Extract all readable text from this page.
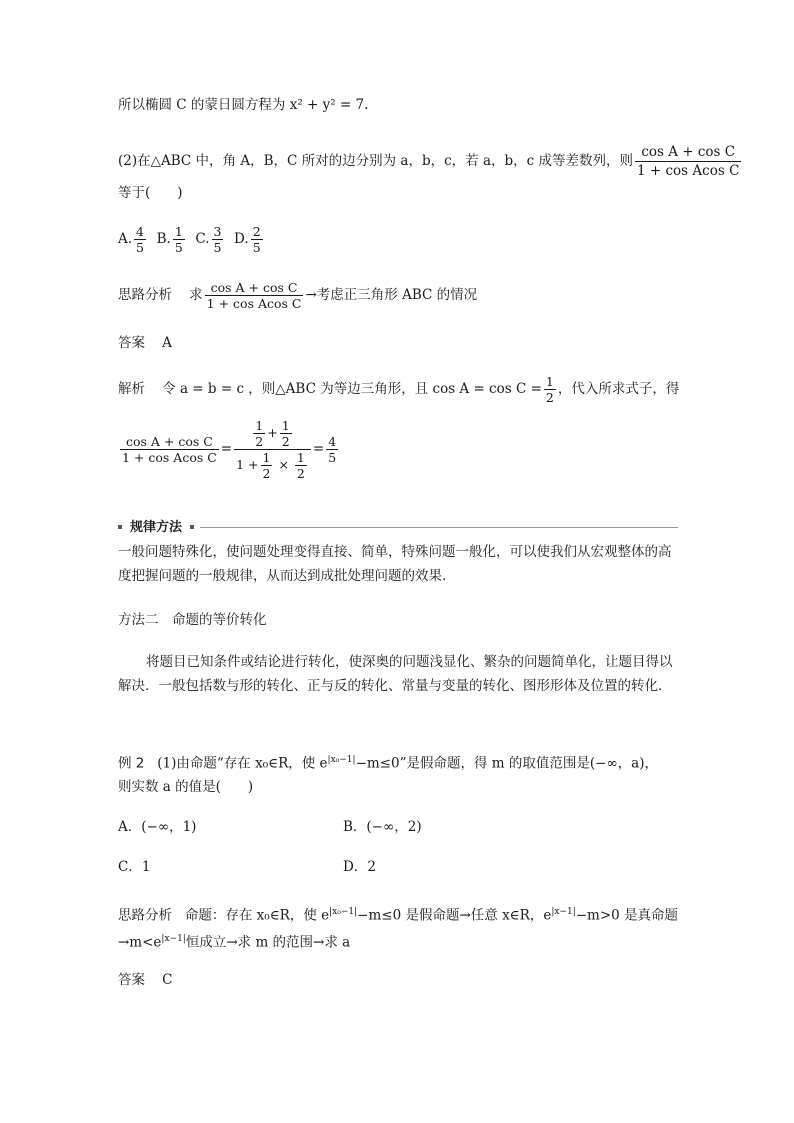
所以椭圆 C 的蒙日圆方程为 x² + y² = 7.
(2)在△ABC 中，角 A，B，C 所对的边分别为 a，b，c，若 a，b，c 成等差数列，则 $\frac{\text{cos A + cos C}}{\text{1 + cos Acos C}}$
等于(　　)
A. $\frac{4}{5} B$. $\frac{1}{5} C$. $\frac{3}{5} D$. $\frac{2}{5}$
思路分析 求 $\frac{\text{cos A + cos C}}{\text{1 + cos Acos C}}$ →考虑正三角形 ABC 的情况
答案 A
解析 令 a = b = c ，则△ABC 为等边三角形，且 $\cos A = \cos C = \frac{1}{2}$ ，代入所求式子，得
$\frac{\text{cos A + cos C}}{\text{1 + cos Acos C}} = \frac{\frac{1}{2} + \frac{1}{2}}{1 + \frac{1}{2} \times \frac{1}{2}} = \frac{4}{5}$
规律方法
一般问题特殊化，使问题处理变得直接、简单，特殊问题一般化，可以使我们从宏观整体的高度把握问题的一般规律，从而达到成批处理问题的效果.
方法二　命题的等价转化
将题目已知条件或结论进行转化，使深奥的问题浅显化、繁杂的问题简单化，让题目得以解决．一般包括数与形的转化、正与反的转化、常量与变量的转化、图形形体及位置的转化．
例 2 (1)由命题“存在 x₀∈R，使 $e^{|x_0-1|}-m\le 0$”是假命题，得 m 的取值范围是(−∞，a)，
则实数 a 的值是(　　)
A．(−∞，1)	B．(−∞，2)
C．1	D．2
思路分析 命题：存在 x₀∈R，使 $e^{|x_0-1|}-m\le 0$ 是假命题→任意 x∈R，$e^{|x-1|}-m>0$ 是真命题
$\to m<e^{|x-1|}$恒成立→求 m 的范围→求 a
答案 C
